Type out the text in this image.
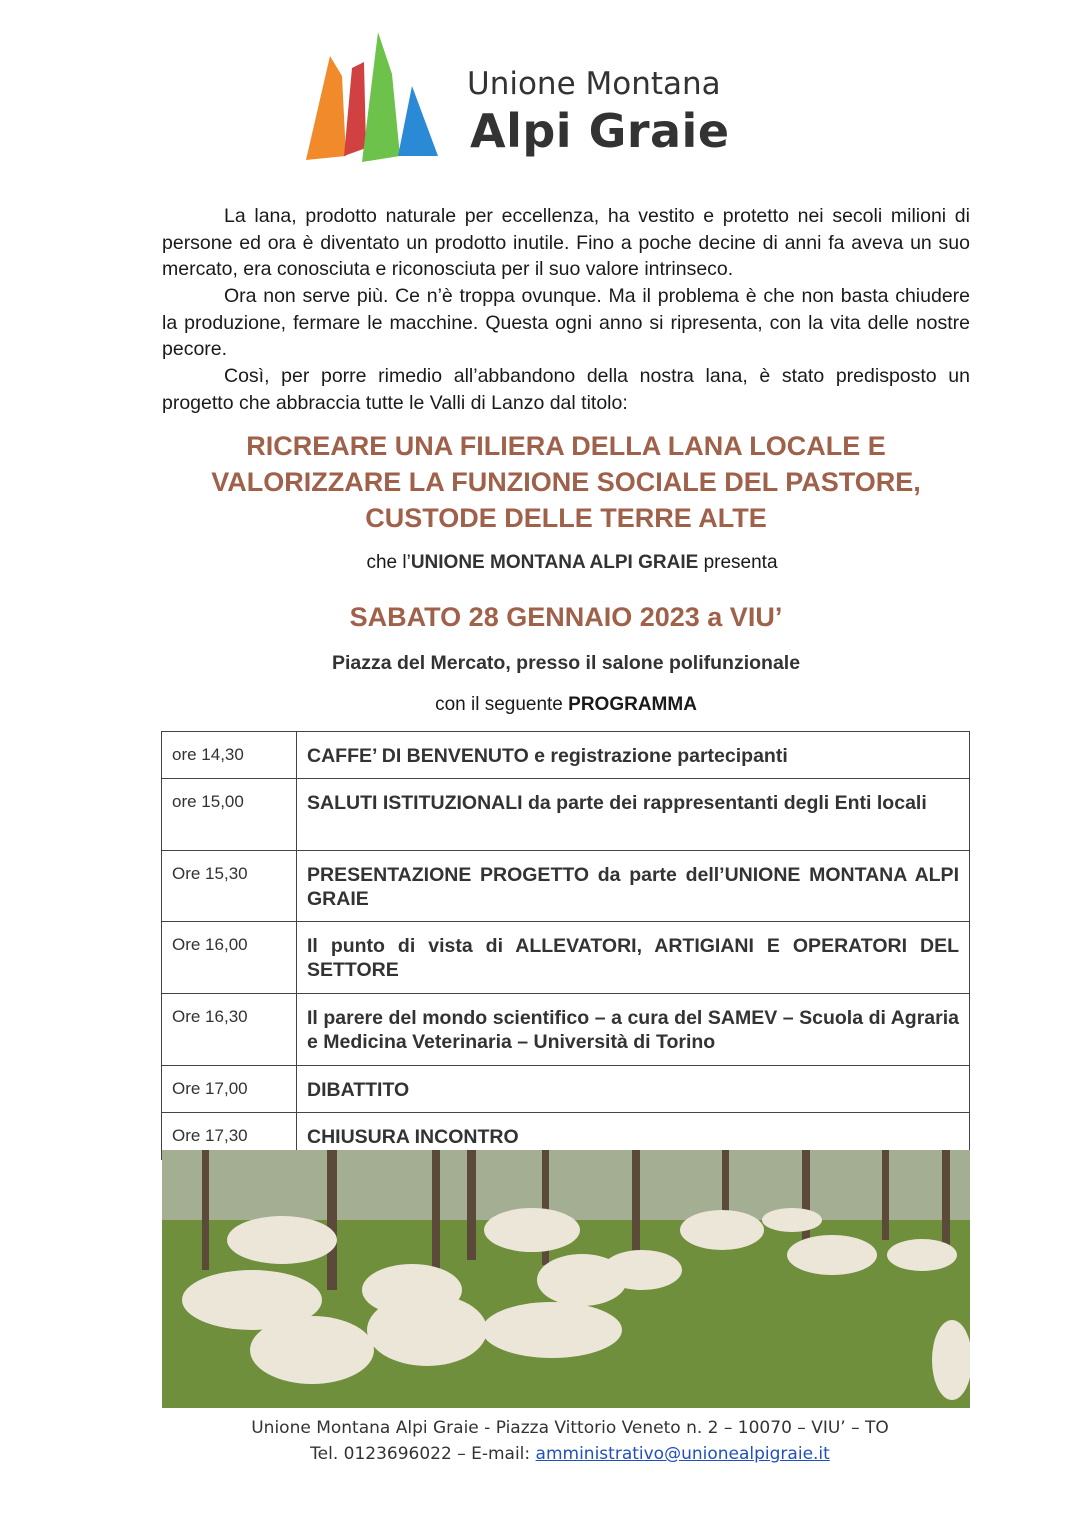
Unione Montana
Alpi Graie

La lana, prodotto naturale per eccellenza, ha vestito e protetto nei secoli milioni di persone ed ora è diventato un prodotto inutile. Fino a poche decine di anni fa aveva un suo mercato, era conosciuta e riconosciuta per il suo valore intrinseco.

Ora non serve più. Ce n’è troppa ovunque. Ma il problema è che non basta chiudere la produzione, fermare le macchine. Questa ogni anno si ripresenta, con la vita delle nostre pecore.

Così, per porre rimedio all’abbandono della nostra lana, è stato predisposto un progetto che abbraccia tutte le Valli di Lanzo dal titolo:

RICREARE UNA FILIERA DELLA LANA LOCALE E
VALORIZZARE LA FUNZIONE SOCIALE DEL PASTORE,
CUSTODE DELLE TERRE ALTE
che l’UNIONE MONTANA ALPI GRAIE presenta
SABATO 28 GENNAIO 2023 a VIU’
Piazza del Mercato, presso il salone polifunzionale
con il seguente PROGRAMMA
ore 14,30	CAFFE’ DI BENVENUTO e registrazione partecipanti
ore 15,00	SALUTI ISTITUZIONALI da parte dei rappresentanti degli Enti locali
Ore 15,30	PRESENTAZIONE PROGETTO da parte dell’UNIONE MONTANA ALPI GRAIE
Ore 16,00	Il punto di vista di ALLEVATORI, ARTIGIANI E OPERATORI DEL SETTORE
Ore 16,30	Il parere del mondo scientifico – a cura del SAMEV – Scuola di Agraria e Medicina Veterinaria – Università di Torino
Ore 17,00	DIBATTITO
Ore 17,30	CHIUSURA INCONTRO
Unione Montana Alpi Graie - Piazza Vittorio Veneto n. 2 – 10070 – VIU’ – TO
Tel. 0123696022 – E-mail: amministrativo@unionealpigraie.it
